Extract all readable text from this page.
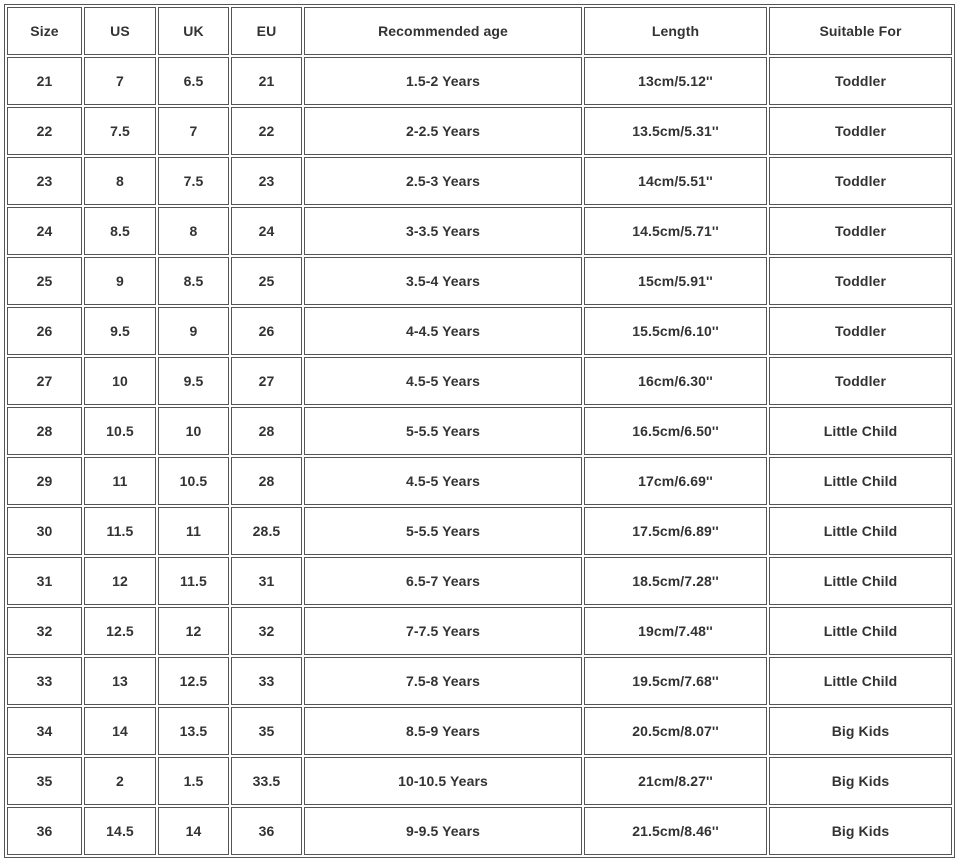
Size	US	UK	EU	Recommended age	Length	Suitable For
21	7	6.5	21	1.5-2 Years	13cm/5.12''	Toddler
22	7.5	7	22	2-2.5 Years	13.5cm/5.31''	Toddler
23	8	7.5	23	2.5-3 Years	14cm/5.51''	Toddler
24	8.5	8	24	3-3.5 Years	14.5cm/5.71''	Toddler
25	9	8.5	25	3.5-4 Years	15cm/5.91''	Toddler
26	9.5	9	26	4-4.5 Years	15.5cm/6.10''	Toddler
27	10	9.5	27	4.5-5 Years	16cm/6.30''	Toddler
28	10.5	10	28	5-5.5 Years	16.5cm/6.50''	Little Child
29	11	10.5	28	4.5-5 Years	17cm/6.69''	Little Child
30	11.5	11	28.5	5-5.5 Years	17.5cm/6.89''	Little Child
31	12	11.5	31	6.5-7 Years	18.5cm/7.28''	Little Child
32	12.5	12	32	7-7.5 Years	19cm/7.48''	Little Child
33	13	12.5	33	7.5-8 Years	19.5cm/7.68''	Little Child
34	14	13.5	35	8.5-9 Years	20.5cm/8.07''	Big Kids
35	2	1.5	33.5	10-10.5 Years	21cm/8.27''	Big Kids
36	14.5	14	36	9-9.5 Years	21.5cm/8.46''	Big Kids
